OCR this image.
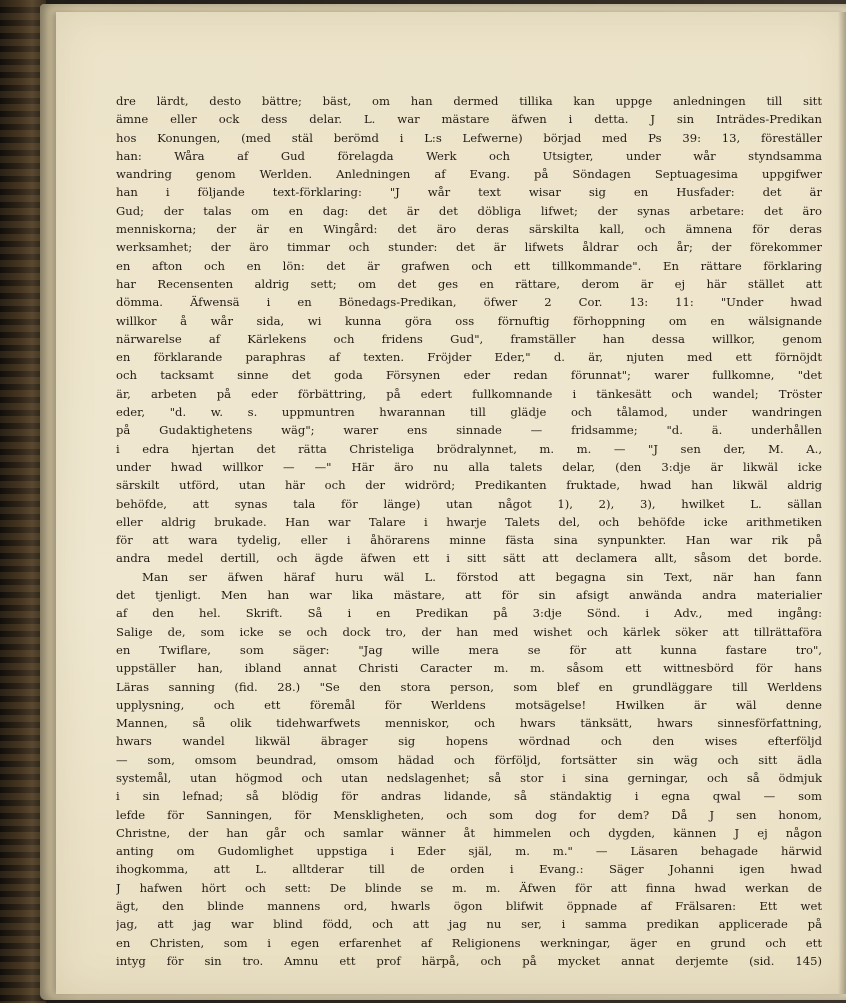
dre lärdt, desto bättre; bäst, om han dermed tillika kan uppge anledningen till sitt
ämne eller ock dess delar. L. war mästare äfwen i detta. J sin Inträdes-Predikan
hos Konungen, (med stäl berömd i L:s Lefwerne) börjad med Ps 39: 13, föreställer
han: Wåra af Gud förelagda Werk och Utsigter, under wår styndsamma
wandring genom Werlden. Anledningen af Evang. på Söndagen Septuagesima uppgifwer
han i följande text-förklaring: "J wår text wisar sig en Husfader: det är
Gud; der talas om en dag: det är det döbliga lifwet; der synas arbetare: det äro
menniskorna; der är en Wingård: det äro deras särskilta kall, och ämnena för deras
werksamhet; der äro timmar och stunder: det är lifwets åldrar och år; der förekommer
en afton och en lön: det är grafwen och ett tillkommande". En rättare förklaring
har Recensenten aldrig sett; om det ges en rättare, derom är ej här stället att
dömma. Äfwensä i en Bönedags-Predikan, öfwer 2 Cor. 13: 11: "Under hwad
willkor å wår sida, wi kunna göra oss förnuftig förhoppning om en wälsignande
närwarelse af Kärlekens och fridens Gud", framställer han dessa willkor, genom
en förklarande paraphras af texten. Fröjder Eder," d. är, njuten med ett förnöjdt
och tacksamt sinne det goda Försynen eder redan förunnat"; warer fullkomne, "det
är, arbeten på eder förbättring, på edert fullkomnande i tänkesätt och wandel; Tröster
eder, "d. w. s. uppmuntren hwarannan till glädje och tålamod, under wandringen
på Gudaktighetens wäg"; warer ens sinnade — fridsamme; "d. ä. underhållen
i edra hjertan det rätta Christeliga brödralynnet, m. m. — "J sen der, M. A.,
under hwad willkor — —" Här äro nu alla talets delar, (den 3:dje är likwäl icke
särskilt utförd, utan här och der widrörd; Predikanten fruktade, hwad han likwäl aldrig
behöfde, att synas tala för länge) utan något 1), 2), 3), hwilket L. sällan
eller aldrig brukade. Han war Talare i hwarje Talets del, och behöfde icke arithmetiken
för att wara tydelig, eller i åhörarens minne fästa sina synpunkter. Han war rik på
andra medel dertill, och ägde äfwen ett i sitt sätt att declamera allt, såsom det borde.
Man ser äfwen häraf huru wäl L. förstod att begagna sin Text, när han fann
det tjenligt. Men han war lika mästare, att för sin afsigt anwända andra materialier
af den hel. Skrift. Så i en Predikan på 3:dje Sönd. i Adv., med ingång:
Salige de, som icke se och dock tro, der han med wishet och kärlek söker att tillrättaföra
en Twiflare, som säger: "Jag wille mera se för att kunna fastare tro",
uppställer han, ibland annat Christi Caracter m. m. såsom ett wittnesbörd för hans
Läras sanning (fid. 28.) "Se den stora person, som blef en grundläggare till Werldens
upplysning, och ett föremål för Werldens motsägelse! Hwilken är wäl denne
Mannen, så olik tidehwarfwets menniskor, och hwars tänksätt, hwars sinnesförfattning,
hwars wandel likwäl äbrager sig hopens wördnad och den wises efterföljd
— som, omsom beundrad, omsom hädad och förföljd, fortsätter sin wäg och sitt ädla
systemål, utan högmod och utan nedslagenhet; så stor i sina gerningar, och så ödmjuk
i sin lefnad; så blödig för andras lidande, så ständaktig i egna qwal — som
lefde för Sanningen, för Menskligheten, och som dog for dem? Då J sen honom,
Christne, der han går och samlar wänner åt himmelen och dygden, kännen J ej någon
anting om Gudomlighet uppstiga i Eder själ, m. m." — Läsaren behagade härwid
ihogkomma, att L. alltderar till de orden i Evang.: Säger Johanni igen hwad
J hafwen hört och sett: De blinde se m. m. Äfwen för att finna hwad werkan de
ägt, den blinde mannens ord, hwarls ögon blifwit öppnade af Frälsaren: Ett wet
jag, att jag war blind född, och att jag nu ser, i samma predikan applicerade på
en Christen, som i egen erfarenhet af Religionens werkningar, äger en grund och ett
intyg för sin tro. Amnu ett prof härpå, och på mycket annat derjemte (sid. 145)
